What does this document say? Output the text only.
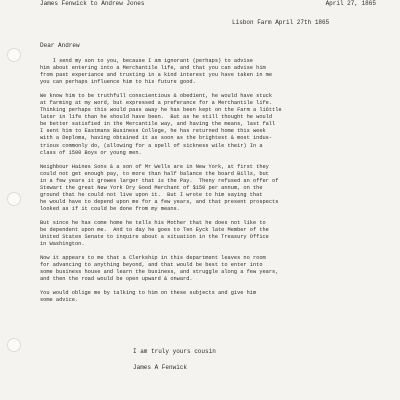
James Fenwick to Andrew Jones

	April 27, 1865

Lisbon Farm April 27th 1865
Dear Andrew

I send my son to you, because I am ignorant (perhaps) to advise
him about entering into a Merchantile life, and that you can advise him
from past experiance and trusting in a kind interest you have taken in me
you can perhaps influence him to his future good.

We know him to be truthfull conscientious & obedient, he would have stuck
at farming at my word, but expressed a preferance for a Merchantile life.
Thinking perhaps this would pass away he has been kept on the Farm a li6ttle
later in life than he should have been.  But as he still thought he would
be better satisfied in the Mercantile way, and having the means, last fall
I sent him to Eastmans Business College, he has returned home this week
with a Deploma, having obtained it as soon as the brightest & most indus-
trious commonly do, (allowing for a spell of sickness wile their) In a
class of 1500 Boys or young men.

Neighbour Haines Sons & a son of Mr Wells are in New York, at first they
could not get enough pay, to more than half balance the board Bills, but
in a few years it growes larger that is the Pay.  Theny refused an offer of
Stewart the great New York Dry Good Merchant of $150 per annum, on the
ground that he could not live upon it.  But I wrote to him saying that
he would have to depend upon me for a few years, and that present prospects
looked as if it could be done from my means.

But since he has come home he tells his Mother that he does not like to
be dependent upon me.  And to day he goes to Ten Eyck late Member of the
United States Senate to inquire about a situation in the Treasury Office
in Washington.

Now it appears to me that a Clerkship in this department leaves no room
for advancing to anything beyond, and that would be best to enter into
some business house and learn the business, and struggle along a few years,
and then the road would be open upward & onward.

You would oblige me by talking to him on these subjects and give him
some advice.

I am truly yours cousin
James A Fenwick
